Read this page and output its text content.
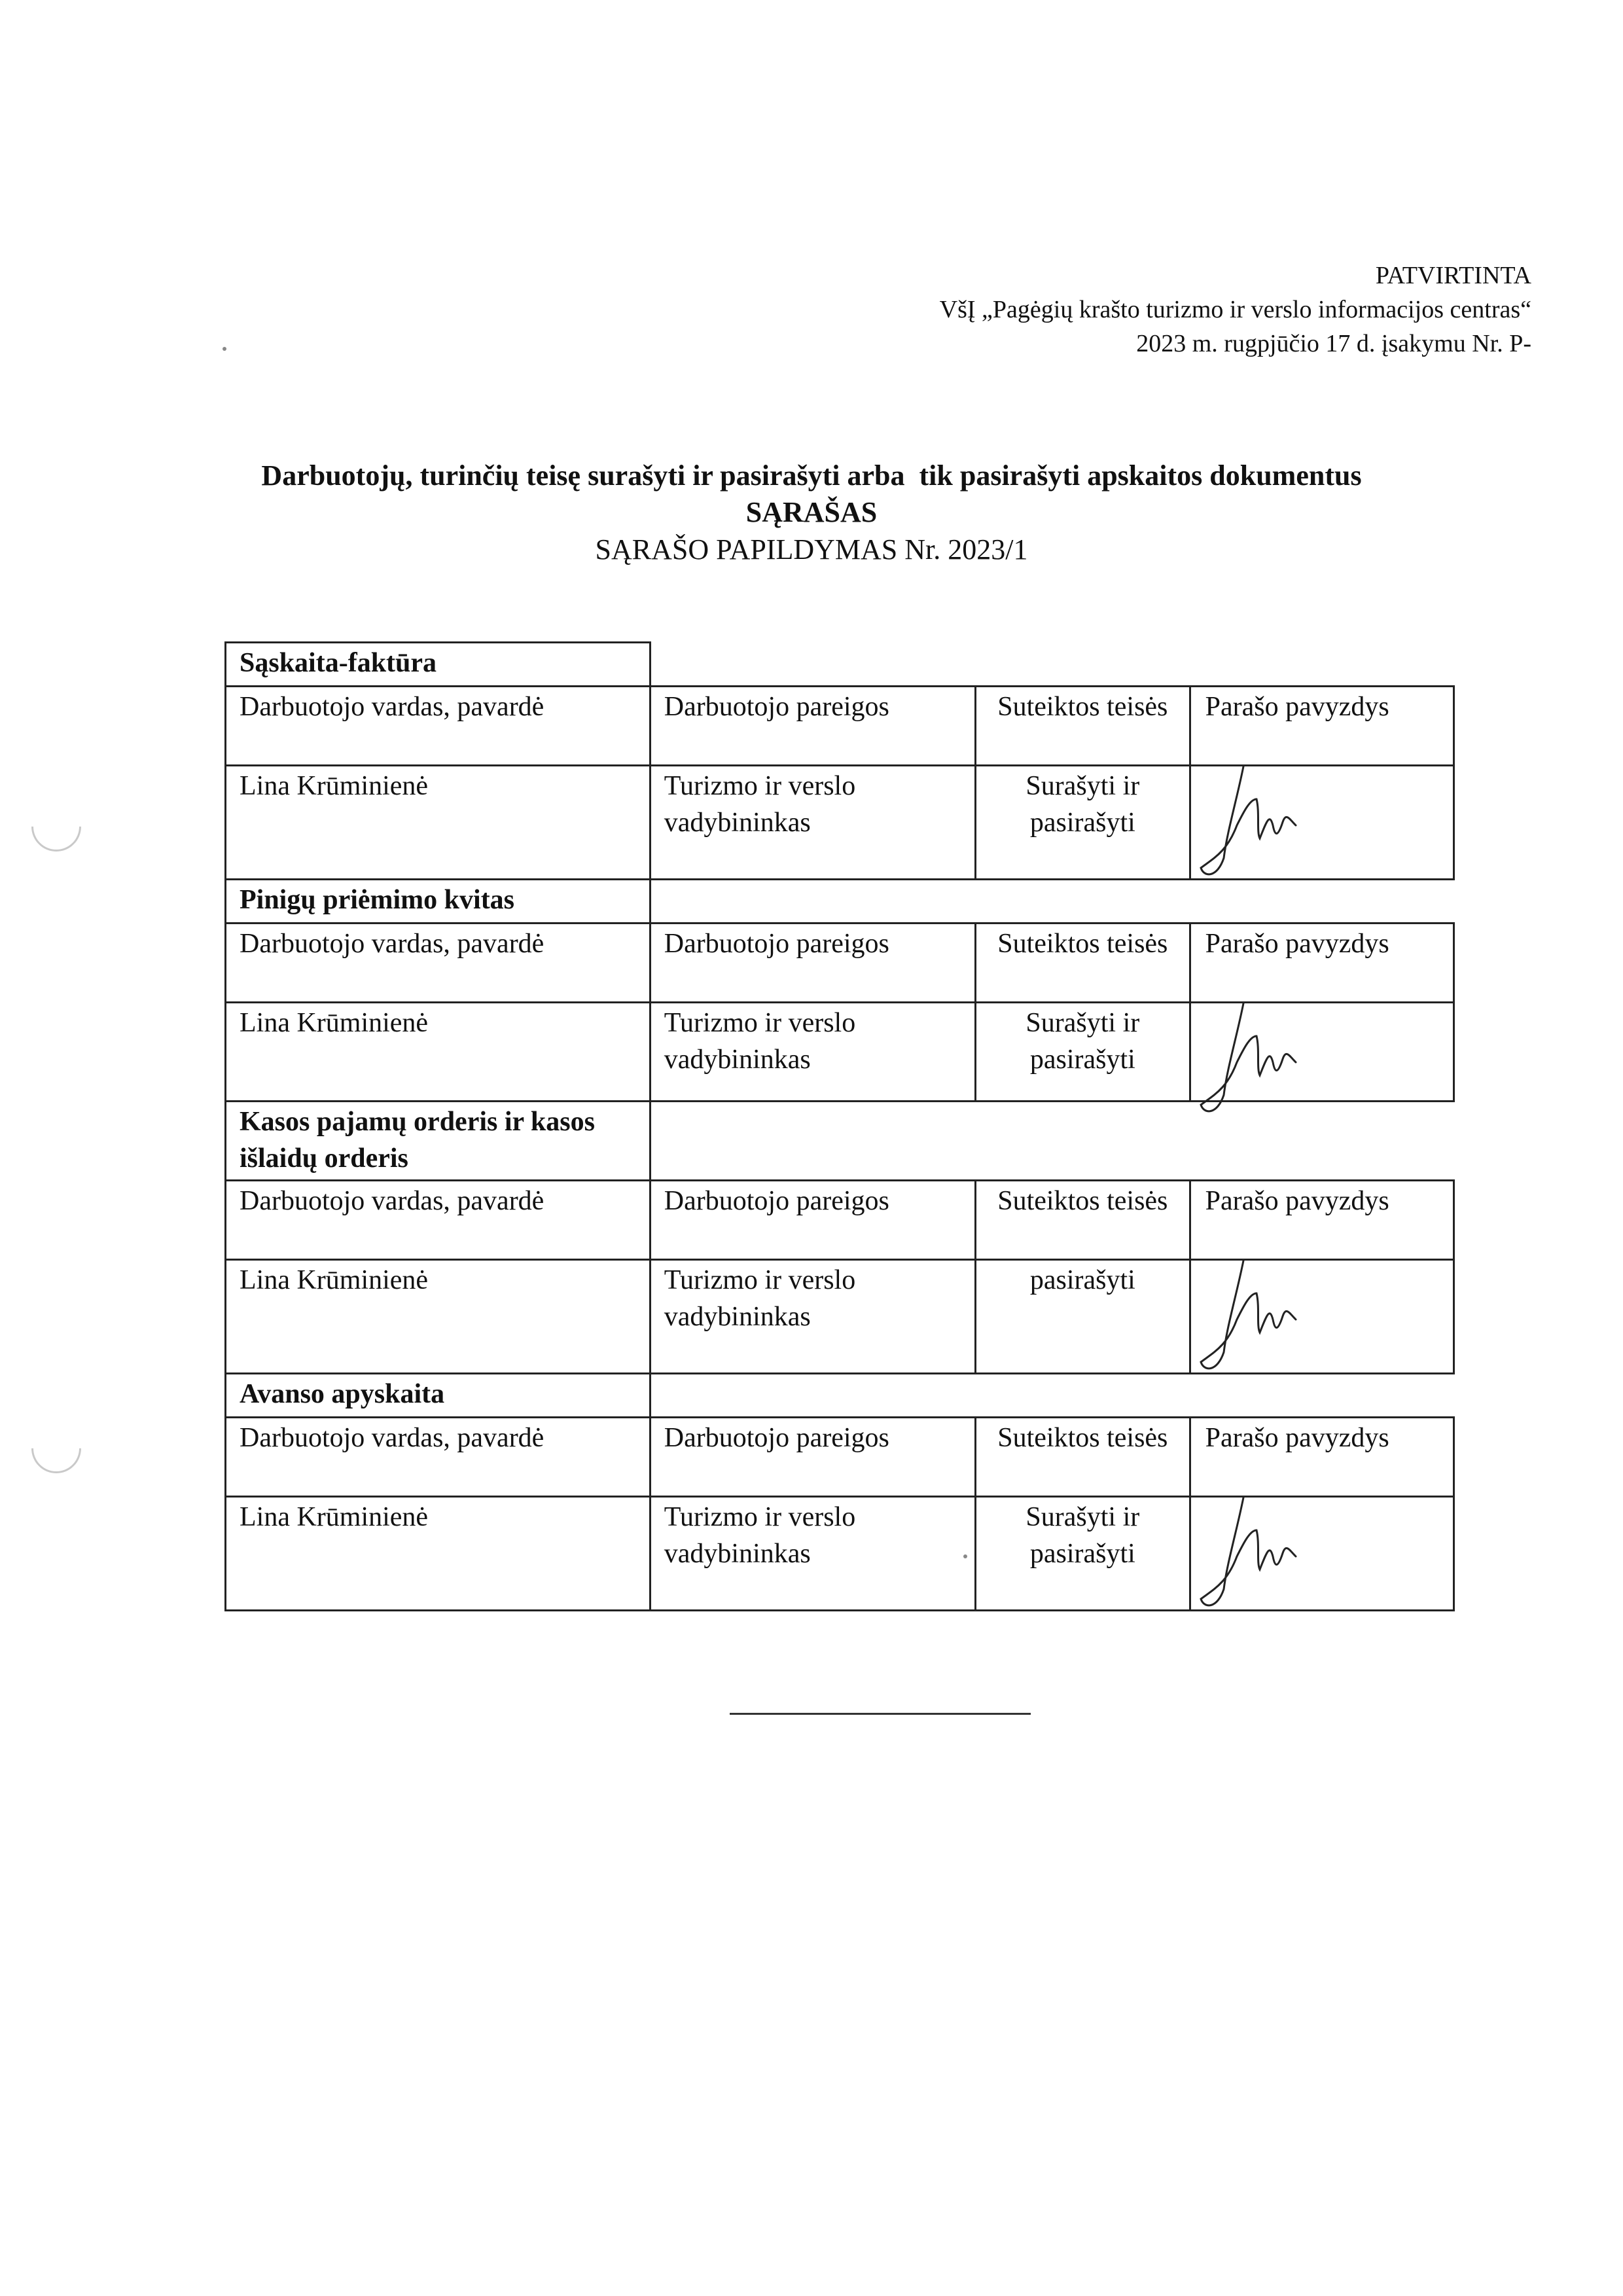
PATVIRTINTA
VšĮ „Pagėgių krašto turizmo ir verslo informacijos centras“
2023 m. rugpjūčio 17 d. įsakymu Nr. P-
Darbuotojų, turinčių teisę surašyti ir pasirašyti arba  tik pasirašyti apskaitos dokumentus
SĄRAŠAS
SĄRAŠO PAPILDYMAS Nr. 2023/1
Sąskaita-faktūra			
Darbuotojo vardas, pavardė	Darbuotojo pareigos	Suteiktos teisės	Parašo pavyzdys
Lina Krūminienė	Turizmo ir verslo vadybininkas	Surašyti ir pasirašyti	

Pinigų priėmimo kvitas			
Darbuotojo vardas, pavardė	Darbuotojo pareigos	Suteiktos teisės	Parašo pavyzdys
Lina Krūminienė	Turizmo ir verslo vadybininkas	Surašyti ir pasirašyti	

Kasos pajamų orderis ir kasos išlaidų orderis			
Darbuotojo vardas, pavardė	Darbuotojo pareigos	Suteiktos teisės	Parašo pavyzdys
Lina Krūminienė	Turizmo ir verslo vadybininkas	pasirašyti	

Avanso apyskaita			
Darbuotojo vardas, pavardė	Darbuotojo pareigos	Suteiktos teisės	Parašo pavyzdys
Lina Krūminienė	Turizmo ir verslo vadybininkas	Surašyti ir pasirašyti	
